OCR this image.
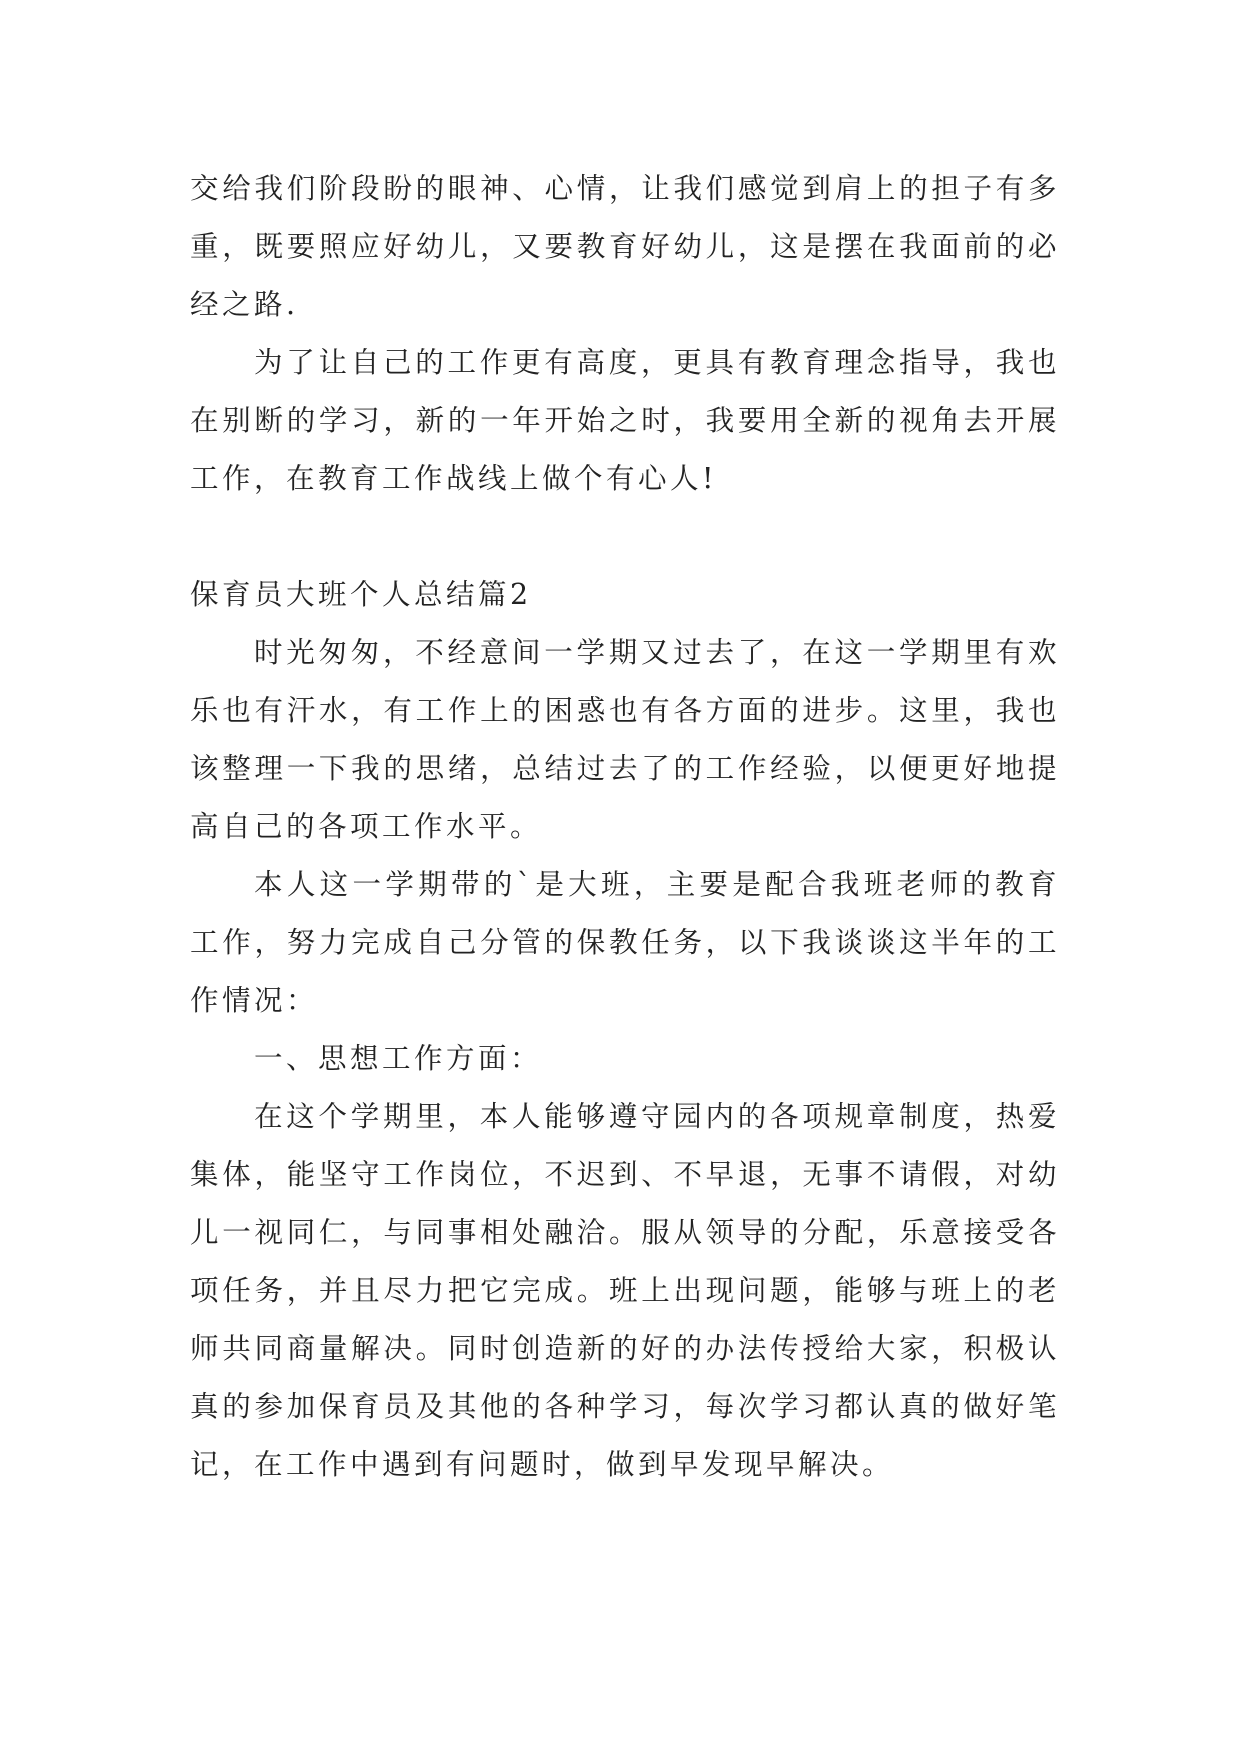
交给我们阶段盼的眼神、心情，让我们感觉到肩上的担子有多重，既要照应好幼儿，又要教育好幼儿，这是摆在我面前的必经之路.

为了让自己的工作更有高度，更具有教育理念指导，我也在别断的学习，新的一年开始之时，我要用全新的视角去开展工作，在教育工作战线上做个有心人!

保育员大班个人总结篇2

时光匆匆，不经意间一学期又过去了，在这一学期里有欢乐也有汗水，有工作上的困惑也有各方面的进步。这里，我也该整理一下我的思绪，总结过去了的工作经验，以便更好地提高自己的各项工作水平。

本人这一学期带的`是大班，主要是配合我班老师的教育工作，努力完成自己分管的保教任务，以下我谈谈这半年的工作情况：

一、思想工作方面：

在这个学期里，本人能够遵守园内的各项规章制度，热爱集体，能坚守工作岗位，不迟到、不早退，无事不请假，对幼儿一视同仁，与同事相处融洽。服从领导的分配，乐意接受各项任务，并且尽力把它完成。班上出现问题，能够与班上的老师共同商量解决。同时创造新的好的办法传授给大家，积极认真的参加保育员及其他的各种学习，每次学习都认真的做好笔记，在工作中遇到有问题时，做到早发现早解决。
